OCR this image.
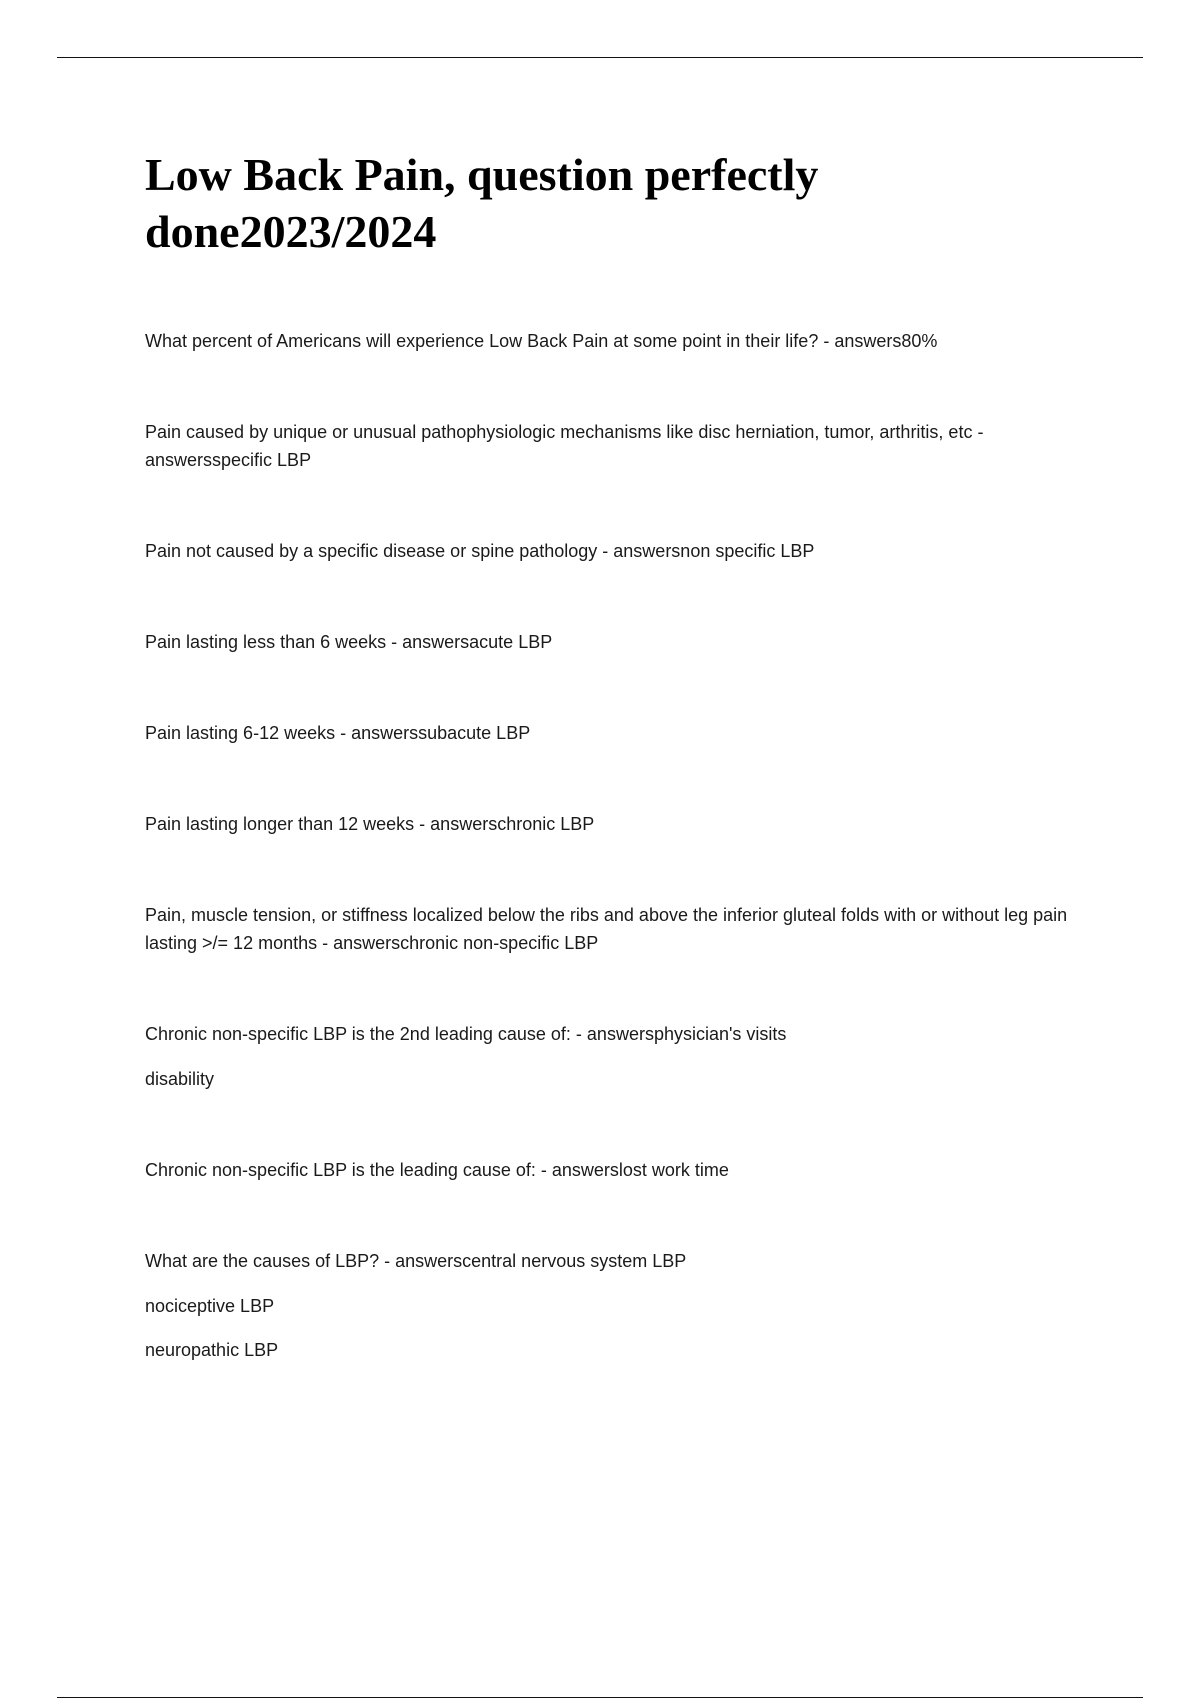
Low Back Pain, question perfectly
done2023/2024

What percent of Americans will experience Low Back Pain at some point in their life? - answers80%

Pain caused by unique or unusual pathophysiologic mechanisms like disc herniation, tumor, arthritis, etc - answersspecific LBP

Pain not caused by a specific disease or spine pathology - answersnon specific LBP

Pain lasting less than 6 weeks - answersacute LBP

Pain lasting 6-12 weeks - answerssubacute LBP

Pain lasting longer than 12 weeks - answerschronic LBP

Pain, muscle tension, or stiffness localized below the ribs and above the inferior gluteal folds with or without leg pain lasting >/= 12 months - answerschronic non-specific LBP

Chronic non-specific LBP is the 2nd leading cause of: - answersphysician's visits
disability

Chronic non-specific LBP is the leading cause of: - answerslost work time

What are the causes of LBP? - answerscentral nervous system LBP
nociceptive LBP
neuropathic LBP
